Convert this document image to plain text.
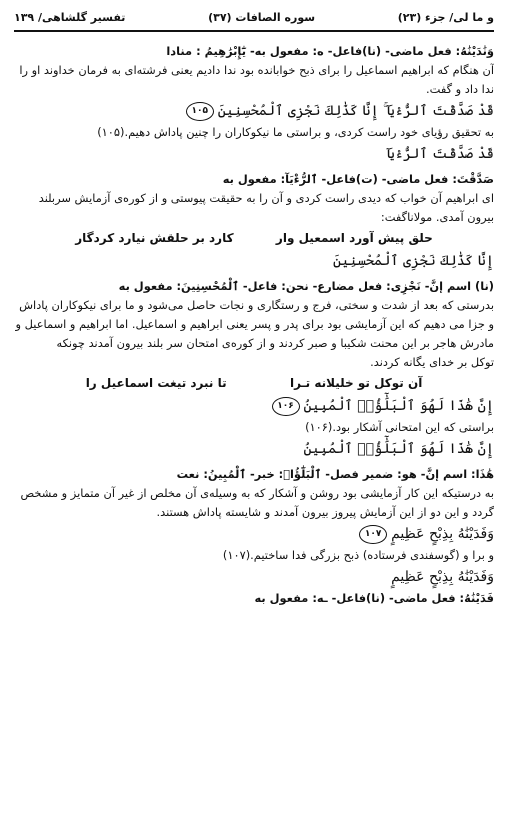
و ما لی/ جزء (۲۳)
سوره الصافات (۳۷)
تفسیر گلشاهی/ ۱۳۹
وَنَٰدَيْنَٰهُ: فعل ماضی- (نا)فاعل- ه: مفعول به- يَٰٓإِبْرَٰهِيمُ : منادا
آن هنگام که ابراهیم اسماعیل را برای ذبح خوابانده بود ندا دادیم یعنی فرشته‌ای به فرمان خداوند او را
ندا داد و گفت.
قَدْ صَدَّقْتَ ٱلرُّءْيَآ ۚ إِنَّا كَذَٰلِكَ نَجْزِى ٱلْمُحْسِنِينَ
۱۰۵
به تحقیق رؤیای خود راست کردی، و براستی ما نیکوکاران را چنین پاداش دهیم.(۱۰۵)
قَدْ صَدَّقْتَ ٱلرُّءْيَآ
صَدَّقْتَ: فعل ماضی- (ت)فاعل- ٱلرُّءْيَآ: مفعول به
ای ابراهیم آن خواب که دیدی راست کردی و آن را به حقیقت پیوستی و از کوره‌ی آزمایش سربلند
بیرون آمدی. مولاناگفت:
حلق پیش آورد اسمعیل وار
کارد بر حلقش نیارد کردگار
إِنَّا كَذَٰلِكَ نَجْزِى ٱلْمُحْسِنِينَ
(نا) اسم إنَّ- نَجْزِى: فعل مضارع- نحن: فاعل- ٱلْمُحْسِنِينَ: مفعول به
بدرستی که بعد از شدت و سختی، فرج و رستگاری و نجات حاصل می‌شود و ما برای نیکوکاران پاداش
و جزا می دهیم که این آزمایشی بود برای پدر و پسر یعنی ابراهیم و اسماعیل. اما ابراهیم و اسماعیل و
مادرش هاجر بر این محنت شکیبا و صبر کردند و از کوره‌ی امتحان سر بلند بیرون آمدند چونکه
توکل بر خدای یگانه کردند.
آن توکل تو خلیلانه تـرا
تا نبرد تیغت اسماعیل را
إِنَّ هَٰذَا لَهُوَ ٱلْبَلَٰٓؤُا۟ ٱلْمُبِينُ
۱۰۶
براستی که این امتحانی آشکار بود.(۱۰۶)
إِنَّ هَٰذَا لَهُوَ ٱلْبَلَٰٓؤُا۟ ٱلْمُبِينُ
هَٰذَا: اسم إنَّ- هو: ضمیر فصل- ٱلْبَلَٰٓؤُا۟: خبر- ٱلْمُبِينُ: نعت
به درستیکه این کار آزمایشی بود روشن و آشکار که به وسیله‌ی آن مخلص از غیر آن متمایز و مشخص
گردد و این دو از این آزمایش پیروز بیرون آمدند و شایسته پاداش هستند.
وَفَدَيْنَٰهُ بِذِبْحٍ عَظِيمٍ
۱۰۷
و برا و (گوسفندی فرستاده) ذبح بزرگی فدا ساختیم.(۱۰۷)
وَفَدَيْنَٰهُ بِذِبْحٍ عَظِيمٍ
فَدَيْنَٰهُ: فعل ماضی- (نا)فاعل- ـه: مفعول به
